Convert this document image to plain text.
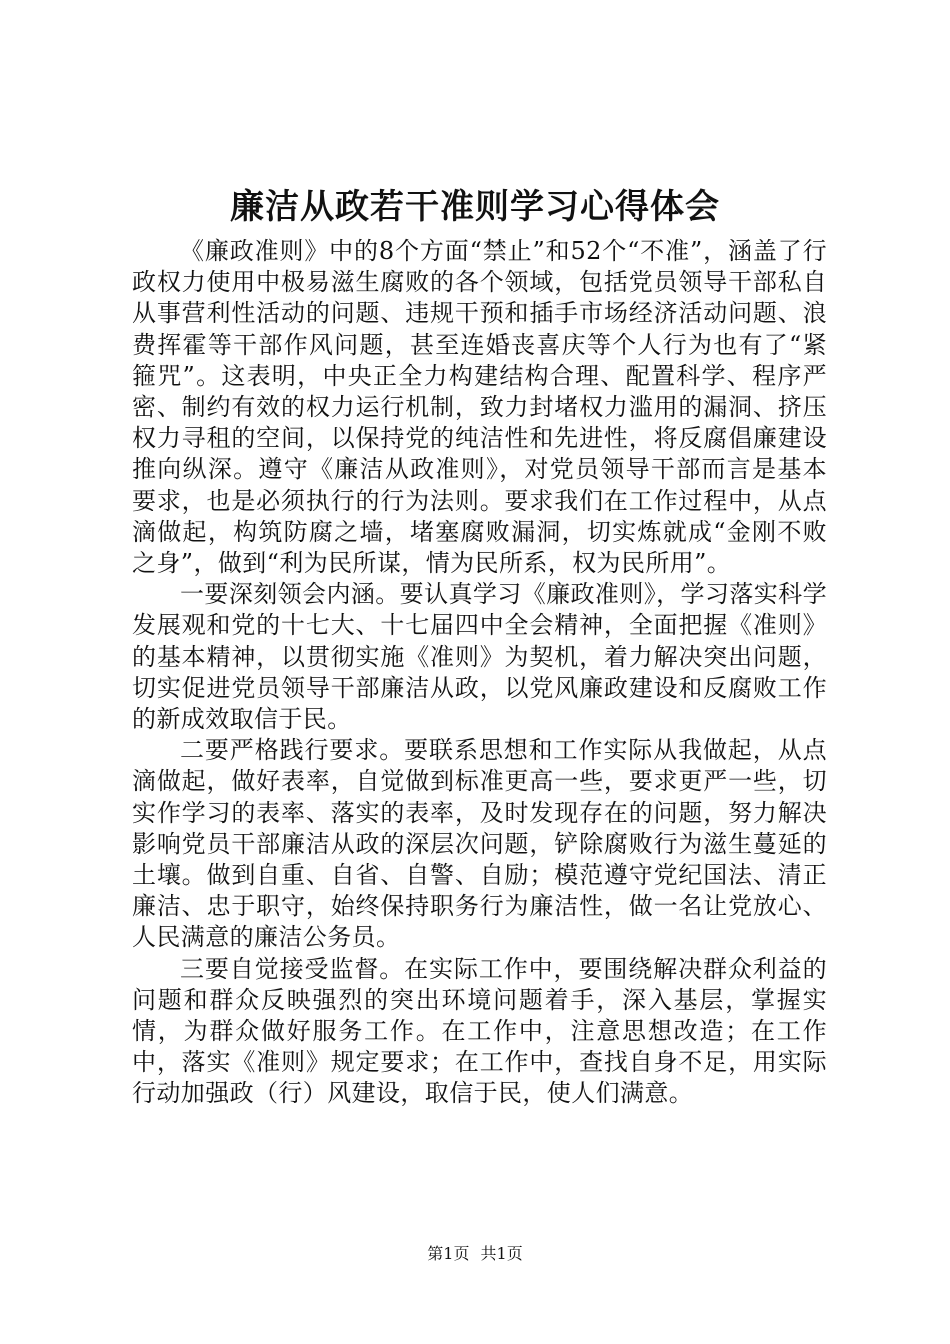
廉洁从政若干准则学习心得体会

《廉政准则》中的8个方面“禁止”和52个“不准”，涵盖了行政权力使用中极易滋生腐败的各个领域，包括党员领导干部私自从事营利性活动的问题、违规干预和插手市场经济活动问题、浪费挥霍等干部作风问题，甚至连婚丧喜庆等个人行为也有了“紧箍咒”。这表明，中央正全力构建结构合理、配置科学、程序严密、制约有效的权力运行机制，致力封堵权力滥用的漏洞、挤压权力寻租的空间，以保持党的纯洁性和先进性，将反腐倡廉建设推向纵深。遵守《廉洁从政准则》，对党员领导干部而言是基本要求，也是必须执行的行为法则。要求我们在工作过程中，从点滴做起，构筑防腐之墙，堵塞腐败漏洞，切实炼就成“金刚不败之身”，做到“利为民所谋，情为民所系，权为民所用”。

一要深刻领会内涵。要认真学习《廉政准则》，学习落实科学发展观和党的十七大、十七届四中全会精神，全面把握《准则》的基本精神，以贯彻实施《准则》为契机，着力解决突出问题，切实促进党员领导干部廉洁从政，以党风廉政建设和反腐败工作的新成效取信于民。

二要严格践行要求。要联系思想和工作实际从我做起，从点滴做起，做好表率，自觉做到标准更高一些，要求更严一些，切实作学习的表率、落实的表率，及时发现存在的问题，努力解决影响党员干部廉洁从政的深层次问题，铲除腐败行为滋生蔓延的土壤。做到自重、自省、自警、自励；模范遵守党纪国法、清正廉洁、忠于职守，始终保持职务行为廉洁性，做一名让党放心、人民满意的廉洁公务员。

三要自觉接受监督。在实际工作中，要围绕解决群众利益的问题和群众反映强烈的突出环境问题着手，深入基层，掌握实情，为群众做好服务工作。在工作中，注意思想改造；在工作中，落实《准则》规定要求；在工作中，查找自身不足，用实际行动加强政（行）风建设，取信于民，使人们满意。

第1页 共1页
